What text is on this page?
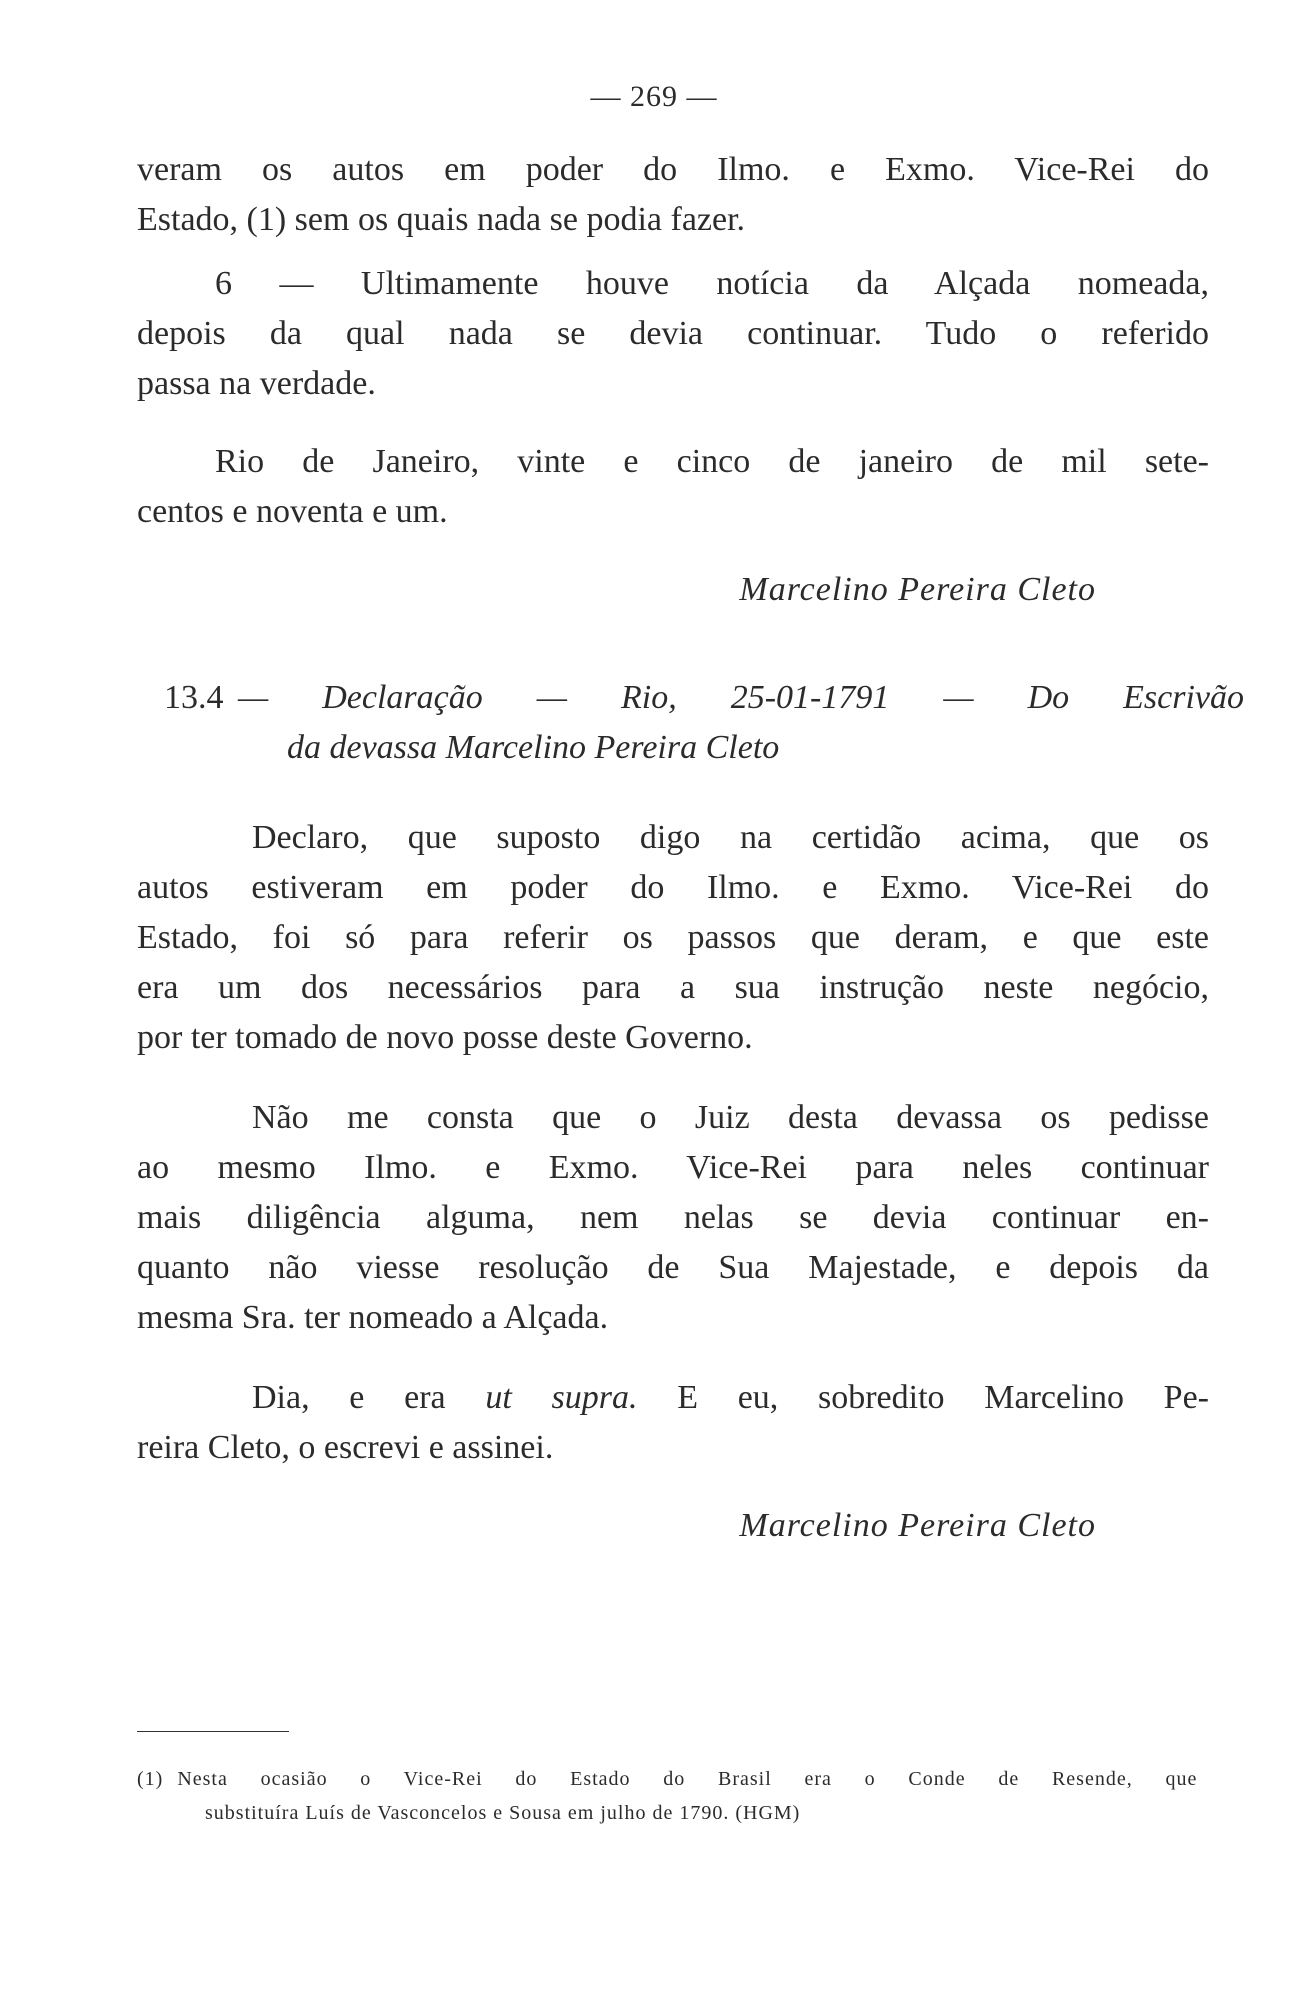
— 269 —
veram os autos em poder do Ilmo. e Exmo. Vice-Rei do
Estado, (1) sem os quais nada se podia fazer.
6 — Ultimamente houve notícia da Alçada nomeada,
depois da qual nada se devia continuar. Tudo o referido
passa na verdade.
Rio de Janeiro, vinte e cinco de janeiro de mil sete-
centos e noventa e um.
Marcelino Pereira Cleto
13.4 — Declaração — Rio, 25-01-1791 — Do Escrivão
da devassa Marcelino Pereira Cleto
Declaro, que suposto digo na certidão acima, que os
autos estiveram em poder do Ilmo. e Exmo. Vice-Rei do
Estado, foi só para referir os passos que deram, e que este
era um dos necessários para a sua instrução neste negócio,
por ter tomado de novo posse deste Governo.
Não me consta que o Juiz desta devassa os pedisse
ao mesmo Ilmo. e Exmo. Vice-Rei para neles continuar
mais diligência alguma, nem nelas se devia continuar en-
quanto não viesse resolução de Sua Majestade, e depois da
mesma Sra. ter nomeado a Alçada.
Dia, e era ut supra. E eu, sobredito Marcelino Pe-
reira Cleto, o escrevi e assinei.
Marcelino Pereira Cleto
(1) Nesta ocasião o Vice-Rei do Estado do Brasil era o Conde de Resende, que
substituíra Luís de Vasconcelos e Sousa em julho de 1790. (HGM)
